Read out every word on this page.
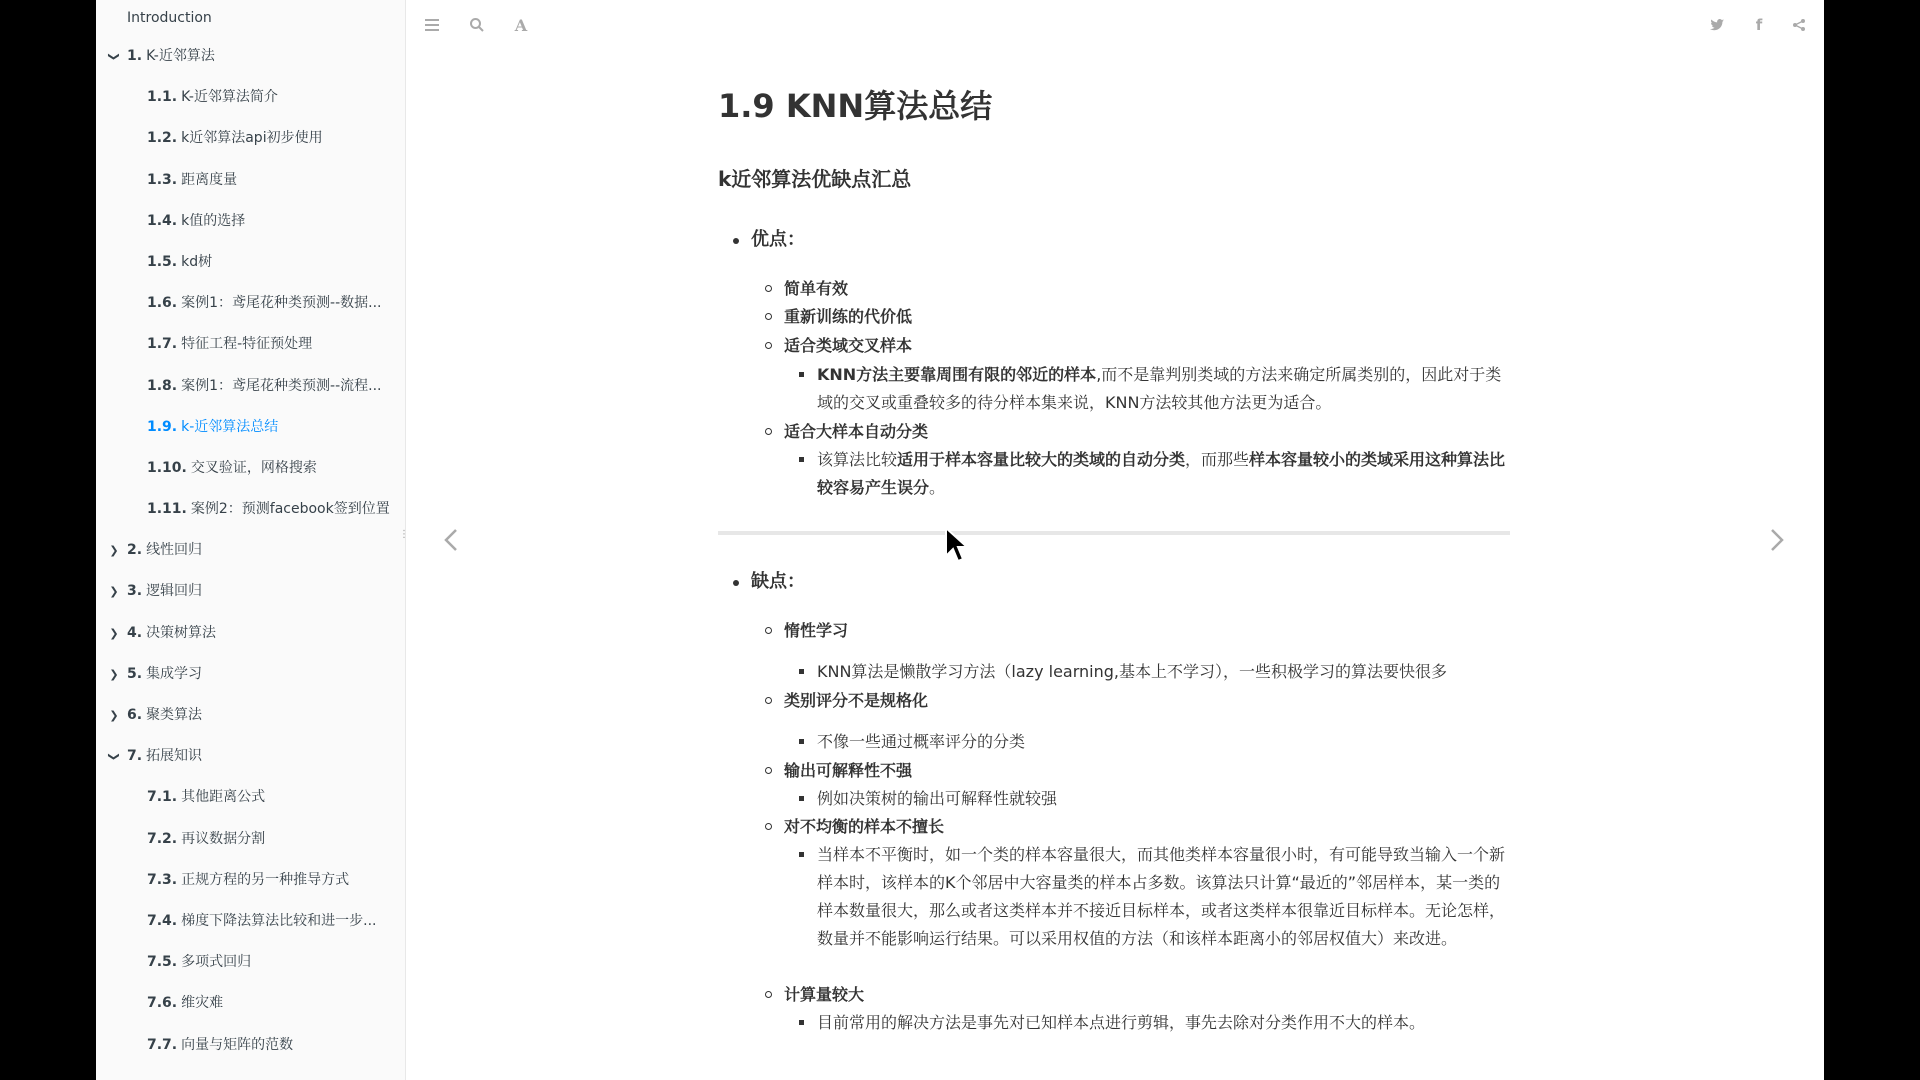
Introduction
❯ 1. K-近邻算法
1.1. K-近邻算法简介
1.2. k近邻算法api初步使用
1.3. 距离度量
1.4. k值的选择
1.5. kd树
1.6. 案例1：鸢尾花种类预测--数据...
1.7. 特征工程-特征预处理
1.8. 案例1：鸢尾花种类预测--流程...
1.9. k-近邻算法总结
1.10. 交叉验证，网格搜索
1.11. 案例2：预测facebook签到位置
❯ 2. 线性回归
❯ 3. 逻辑回归
❯ 4. 决策树算法
❯ 5. 集成学习
❯ 6. 聚类算法
❯ 7. 拓展知识
7.1. 其他距离公式
7.2. 再议数据分割
7.3. 正规方程的另一种推导方式
7.4. 梯度下降法算法比较和进一步...
7.5. 多项式回归
7.6. 维灾难
7.7. 向量与矩阵的范数
⋮
A	f
1.9 KNN算法总结
k近邻算法优缺点汇总
优点：
简单有效
重新训练的代价低
适合类域交叉样本
KNN方法主要靠周围有限的邻近的样本,而不是靠判别类域的方法来确定所属类别的，因此对于类域的交叉或重叠较多的待分样本集来说，KNN方法较其他方法更为适合。
适合大样本自动分类
该算法比较适用于样本容量比较大的类域的自动分类，而那些样本容量较小的类域采用这种算法比较容易产生误分。
缺点：
惰性学习
KNN算法是懒散学习方法（lazy learning,基本上不学习），一些积极学习的算法要快很多
类别评分不是规格化
不像一些通过概率评分的分类
输出可解释性不强
例如决策树的输出可解释性就较强
对不均衡的样本不擅长
当样本不平衡时，如一个类的样本容量很大，而其他类样本容量很小时，有可能导致当输入一个新样本时，该样本的K个邻居中大容量类的样本占多数。该算法只计算“最近的”邻居样本，某一类的样本数量很大，那么或者这类样本并不接近目标样本，或者这类样本很靠近目标样本。无论怎样，数量并不能影响运行结果。可以采用权值的方法（和该样本距离小的邻居权值大）来改进。
计算量较大
目前常用的解决方法是事先对已知样本点进行剪辑，事先去除对分类作用不大的样本。
